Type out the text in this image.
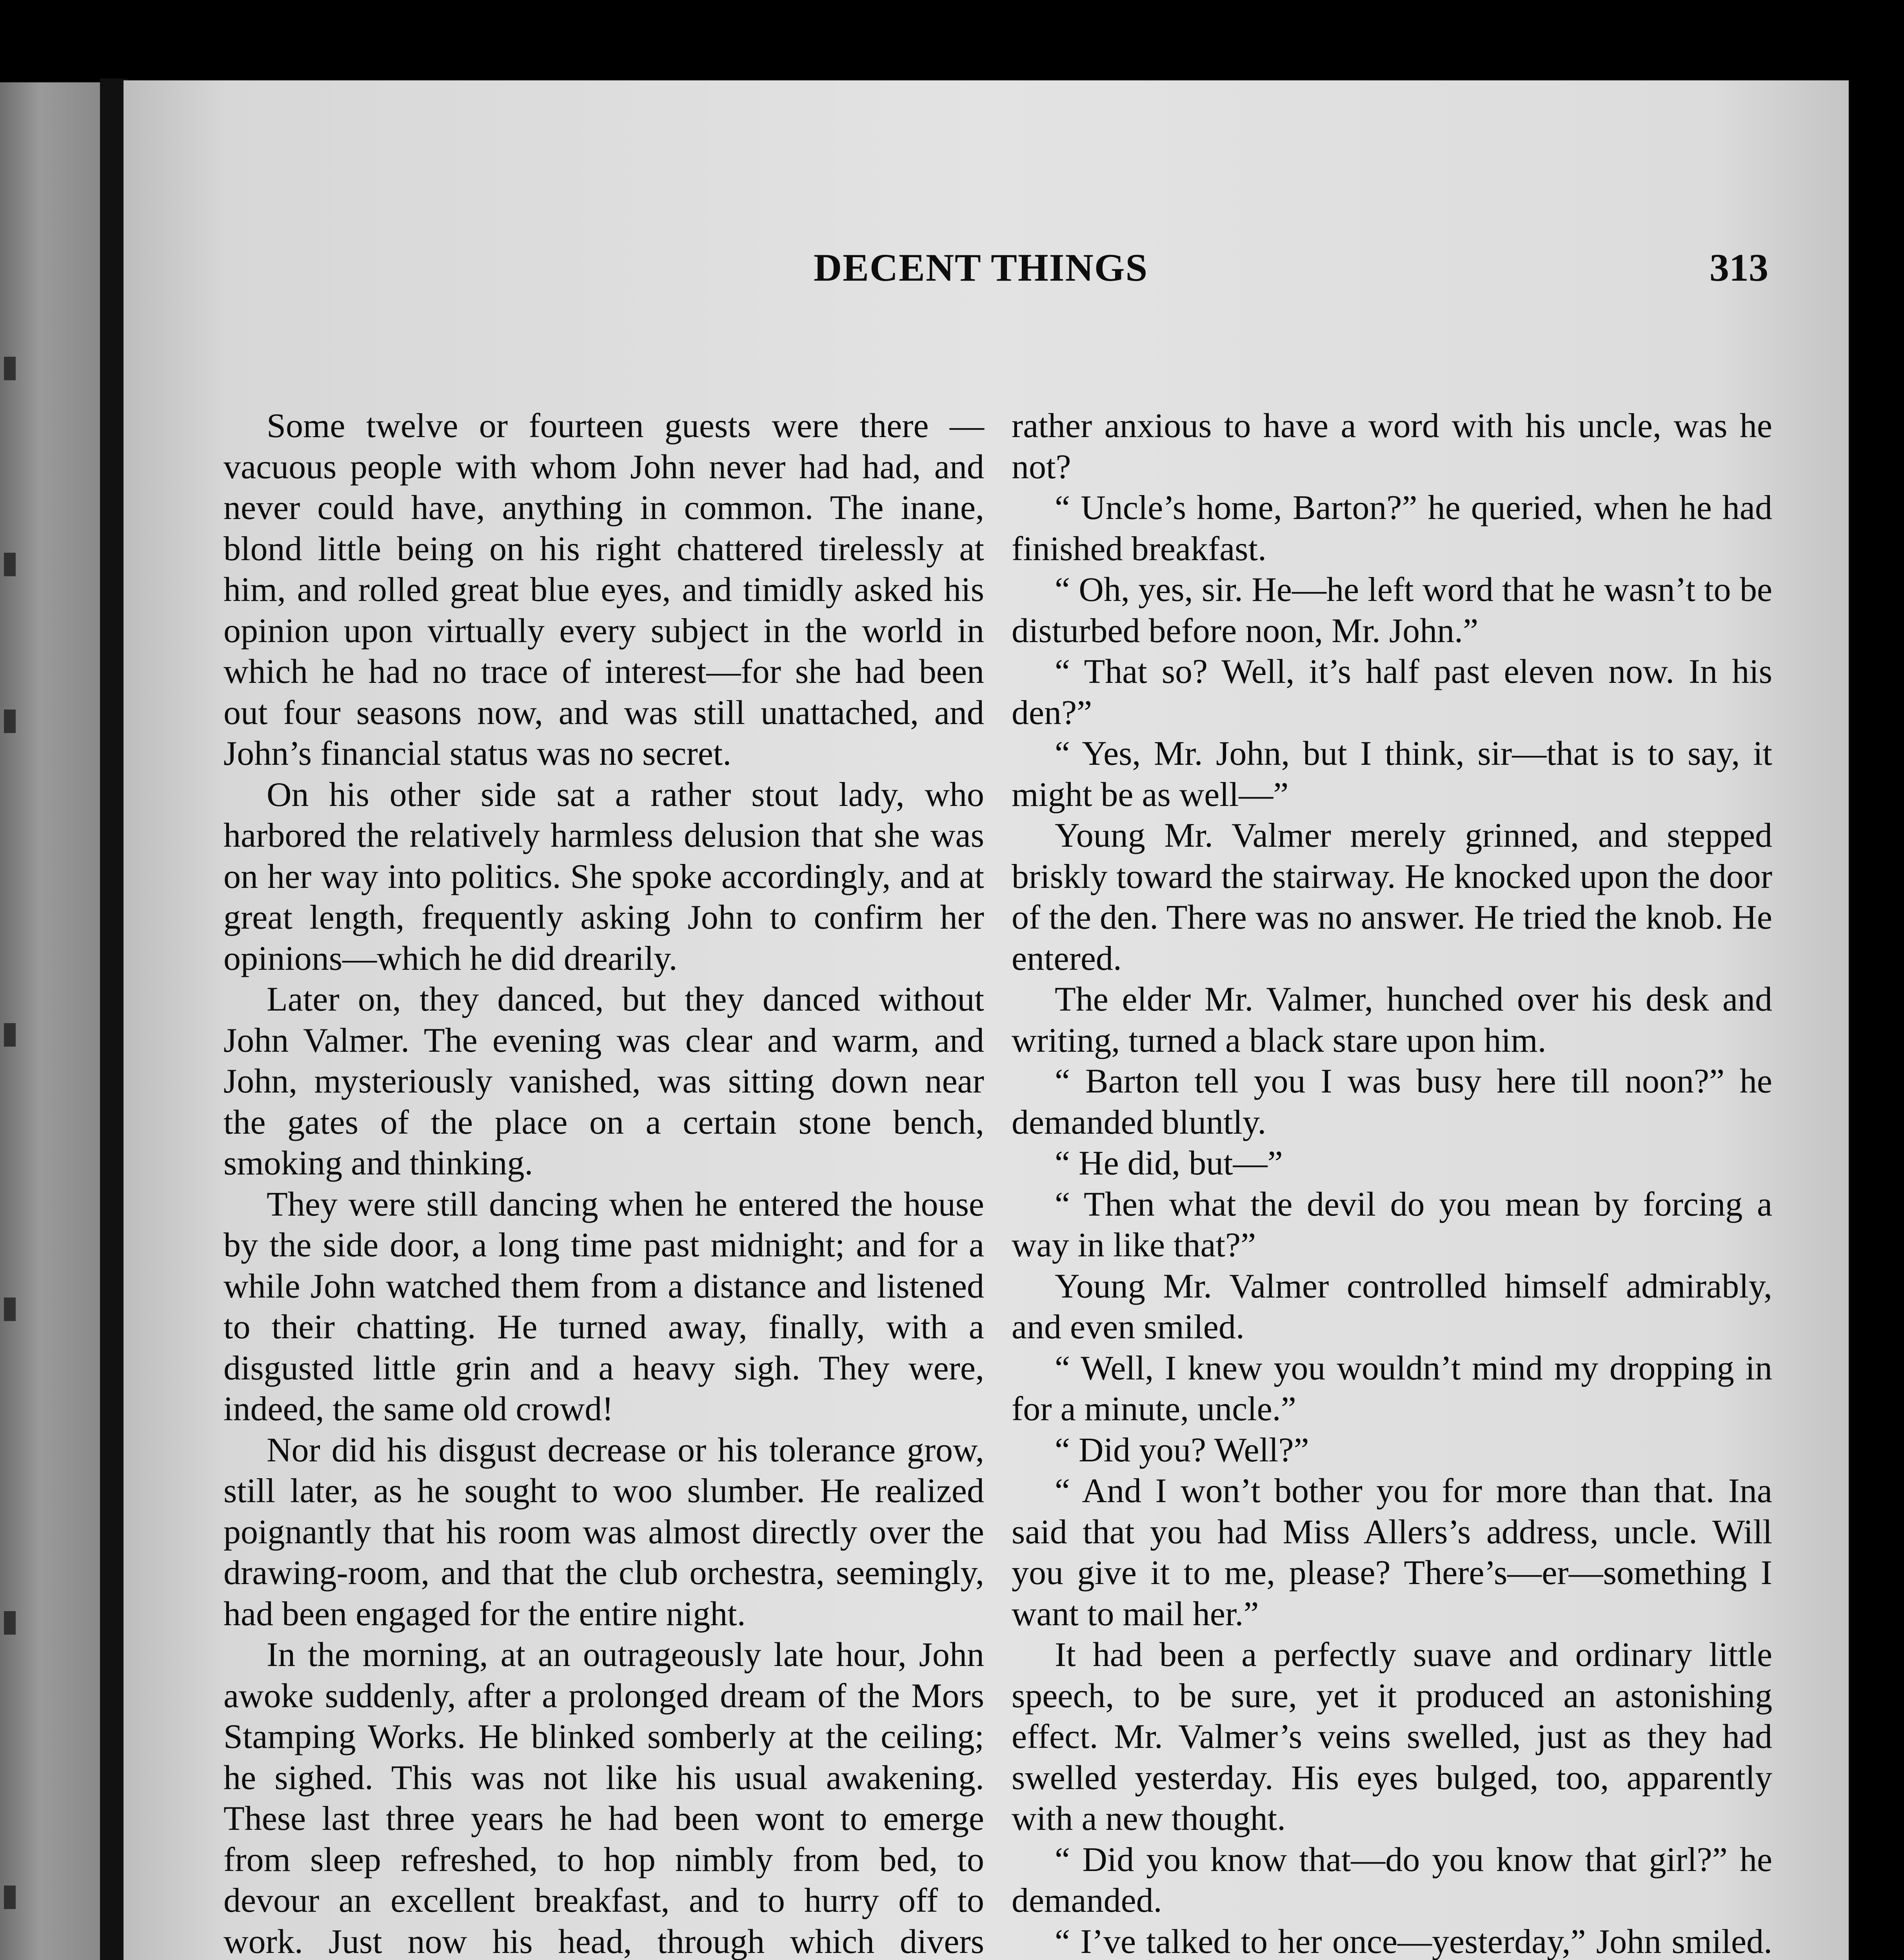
DECENT THINGS	313

Some twelve or fourteen guests were there — vacuous people with whom John never had had, and never could have, anything in common. The inane, blond little being on his right chattered tirelessly at him, and rolled great blue eyes, and timidly asked his opinion upon virtually every subject in the world in which he had no trace of interest—for she had been out four seasons now, and was still unattached, and John’s financial status was no secret.

On his other side sat a rather stout lady, who harbored the relatively harmless delusion that she was on her way into politics. She spoke accordingly, and at great length, frequently asking John to confirm her opinions—which he did drearily.

Later on, they danced, but they danced without John Valmer. The evening was clear and warm, and John, mysteriously vanished, was sitting down near the gates of the place on a certain stone bench, smoking and thinking.

They were still dancing when he entered the house by the side door, a long time past midnight; and for a while John watched them from a distance and listened to their chatting. He turned away, finally, with a disgusted little grin and a heavy sigh. They were, indeed, the same old crowd!

Nor did his disgust decrease or his tolerance grow, still later, as he sought to woo slumber. He realized poignantly that his room was almost directly over the drawing-room, and that the club orchestra, seemingly, had been engaged for the entire night.

In the morning, at an outrageously late hour, John awoke suddenly, after a prolonged dream of the Mors Stamping Works. He blinked somberly at the ceiling; he sighed. This was not like his usual awakening. These last three years he had been wont to emerge from sleep refreshed, to hop nimbly from bed, to devour an excellent breakfast, and to hurry off to work. Just now his head, through which divers

rather anxious to have a word with his uncle, was he not?

“ Uncle’s home, Barton?” he queried, when he had finished breakfast.

“ Oh, yes, sir. He—he left word that he wasn’t to be disturbed before noon, Mr. John.”

“ That so? Well, it’s half past eleven now. In his den?”

“ Yes, Mr. John, but I think, sir—that is to say, it might be as well—”

Young Mr. Valmer merely grinned, and stepped briskly toward the stairway. He knocked upon the door of the den. There was no answer. He tried the knob. He entered.

The elder Mr. Valmer, hunched over his desk and writing, turned a black stare upon him.

“ Barton tell you I was busy here till noon?” he demanded bluntly.

“ He did, but—”

“ Then what the devil do you mean by forcing a way in like that?”

Young Mr. Valmer controlled himself admirably, and even smiled.

“ Well, I knew you wouldn’t mind my dropping in for a minute, uncle.”

“ Did you? Well?”

“ And I won’t bother you for more than that. Ina said that you had Miss Allers’s address, uncle. Will you give it to me, please? There’s—er—something I want to mail her.”

It had been a perfectly suave and ordinary little speech, to be sure, yet it produced an astonishing effect. Mr. Valmer’s veins swelled, just as they had swelled yesterday. His eyes bulged, too, apparently with a new thought.

“ Did you know that—do you know that girl?” he demanded.

“ I’ve talked to her once—yesterday,” John smiled.
